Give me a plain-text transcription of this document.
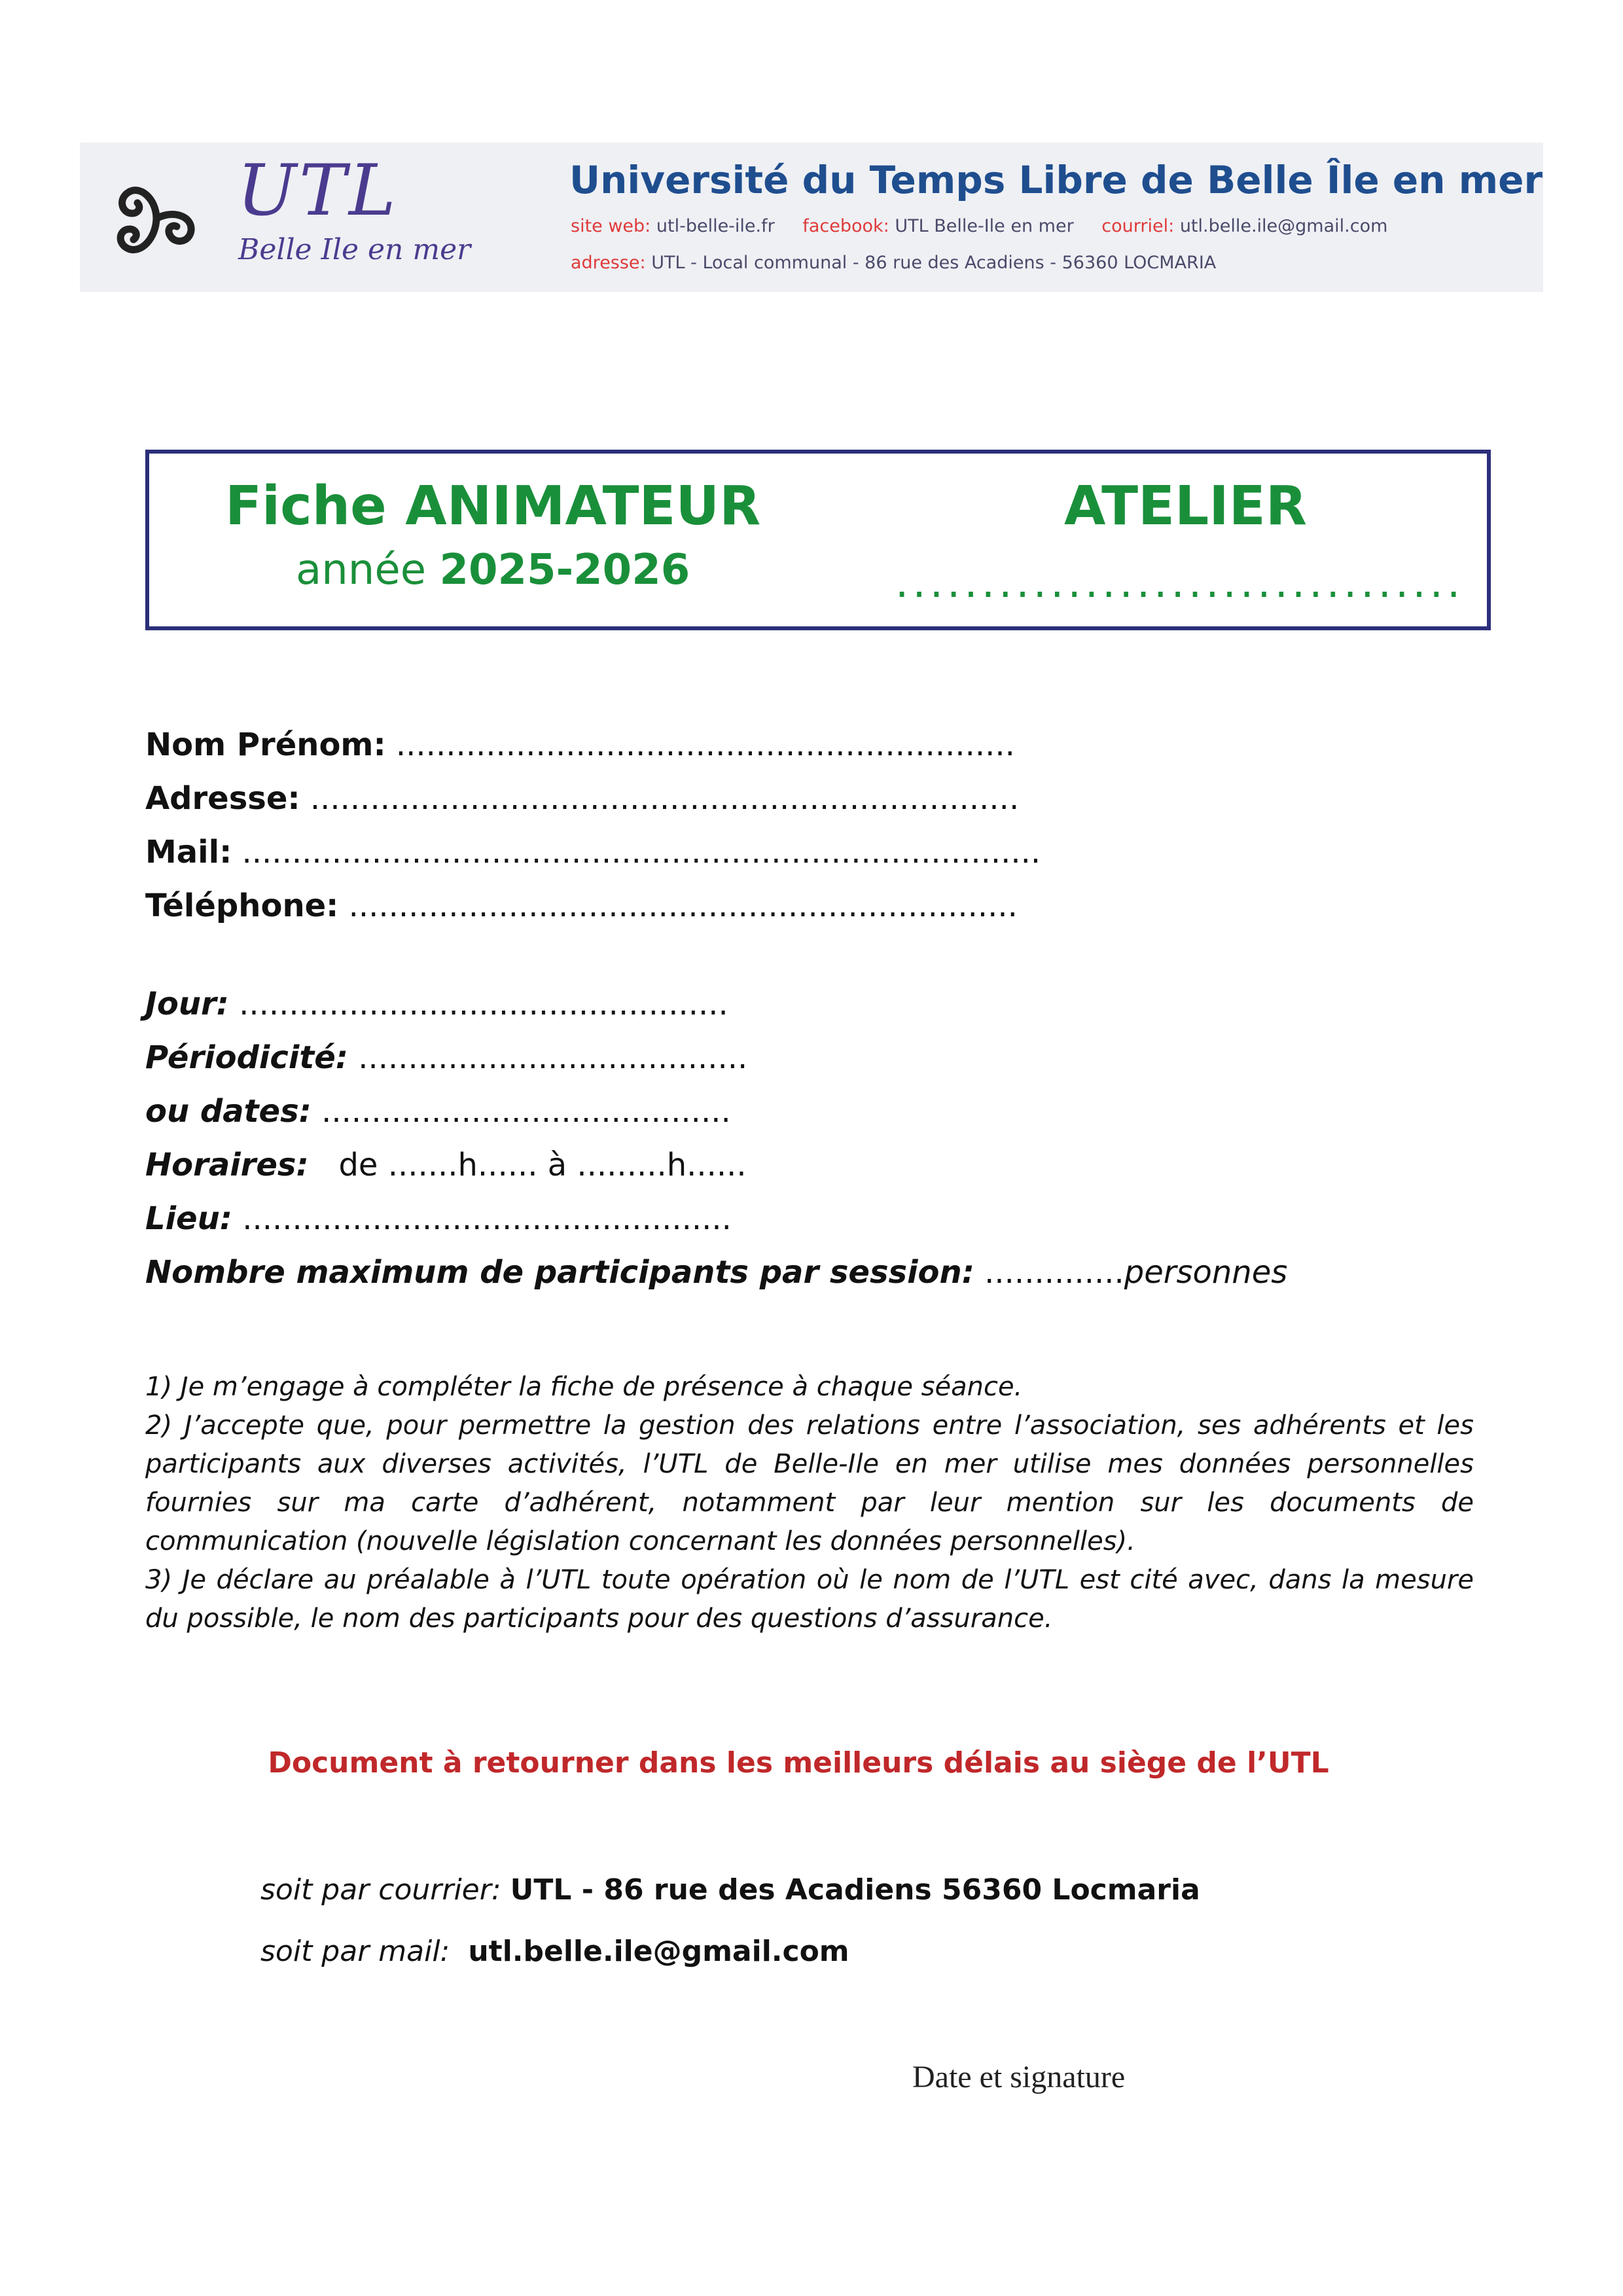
UTL
Belle Ile en mer
Université du Temps Libre de Belle Île en mer
site web: utl-belle-ile.fr facebook: UTL Belle-Ile en mer courriel: utl.belle.ile@gmail.com
adresse: UTL - Local communal - 86 rue des Acadiens - 56360 LOCMARIA
Fiche ANIMATEUR
année 2025-2026
ATELIER
.................................
Nom Prénom: ..............................................................
Adresse: .......................................................................
Mail: ................................................................................
Téléphone: ...................................................................
Jour: .................................................
Périodicité: .......................................
ou dates: .........................................
Horaires: de .......h...... à .........h......
Lieu: .................................................
Nombre maximum de participants par session: ..............personnes

1) Je m’engage à compléter la fiche de présence à chaque séance.

2) J’accepte que, pour permettre la gestion des relations entre l’association, ses adhérents et les participants aux diverses activités, l’UTL de Belle-Ile en mer utilise mes données personnelles fournies sur ma carte d’adhérent, notamment par leur mention sur les documents de communication (nouvelle législation concernant les données personnelles).

3) Je déclare au préalable à l’UTL toute opération où le nom de l’UTL est cité avec, dans la mesure du possible, le nom des participants pour des questions d’assurance.

Document à retourner dans les meilleurs délais au siège de l’UTL
soit par courrier: UTL - 86 rue des Acadiens 56360 Locmaria
soit par mail: utl.belle.ile@gmail.com
Date et signature
